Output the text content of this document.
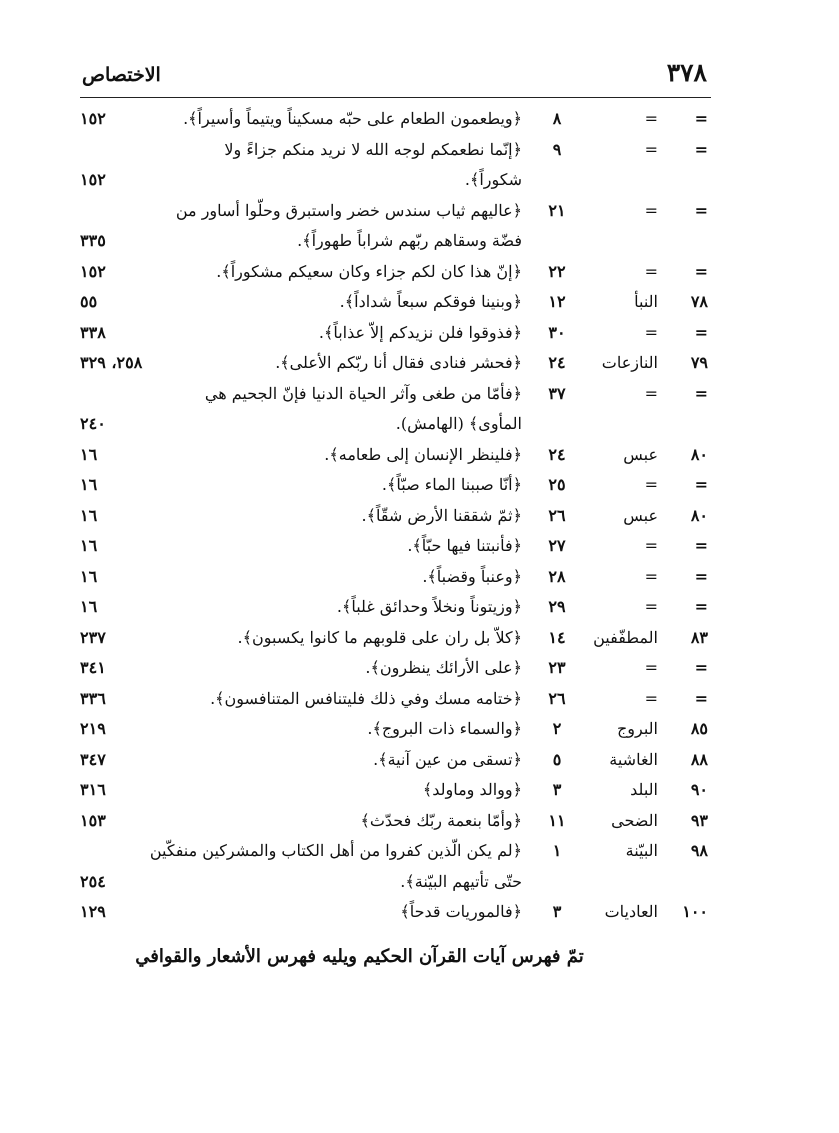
٣٧٨
الاختصاص
=
=
٨
﴿ويطعمون الطعام على حبّه مسكيناً ويتيماً وأسيراً﴾.
١٥٢
=
=
٩
﴿إنّما نطعمكم لوجه الله لا نريد منكم جزاءً ولا
شكوراً﴾.
١٥٢
=
=
٢١
﴿عاليهم ثياب سندس خضر واستبرق وحلّوا أساور من
فضّة وسقاهم ربّهم شراباً طهوراً﴾.
٣٣٥
=
=
٢٢
﴿إنّ هذا كان لكم جزاء وكان سعيكم مشكوراً﴾.
١٥٢
٧٨
النبأ
١٢
﴿وبنينا فوقكم سبعاً شداداً﴾.
٥٥
=
=
٣٠
﴿فذوقوا فلن نزيدكم إلاّ عذاباً﴾.
٣٣٨
٧٩
النازعات
٢٤
﴿فحشر فنادى فقال أنا ربّكم الأعلى﴾.
٢٥٨، ٣٢٩
=
=
٣٧
﴿فأمّا من طغى وآثر الحياة الدنيا فإنّ الجحيم هي
المأوى﴾ (الهامش).
٢٤٠
٨٠
عبس
٢٤
﴿فلينظر الإنسان إلى طعامه﴾.
١٦
=
=
٢٥
﴿أنّا صببنا الماء صبّاً﴾.
١٦
٨٠
عبس
٢٦
﴿ثمّ شققنا الأرض شقّاً﴾.
١٦
=
=
٢٧
﴿فأنبتنا فيها حبّاً﴾.
١٦
=
=
٢٨
﴿وعنباً وقضباً﴾.
١٦
=
=
٢٩
﴿وزيتوناً ونخلاً وحدائق غلباً﴾.
١٦
٨٣
المطفّفين
١٤
﴿كلاّ بل ران على قلوبهم ما كانوا يكسبون﴾.
٢٣٧
=
=
٢٣
﴿على الأرائك ينظرون﴾.
٣٤١
=
=
٢٦
﴿ختامه مسك وفي ذلك فليتنافس المتنافسون﴾.
٣٣٦
٨٥
البروج
٢
﴿والسماء ذات البروج﴾.
٢١٩
٨٨
الغاشية
٥
﴿تسقى من عين آنية﴾.
٣٤٧
٩٠
البلد
٣
﴿ووالد وماولد﴾
٣١٦
٩٣
الضحى
١١
﴿وأمّا بنعمة ربّك فحدّث﴾
١٥٣
٩٨
البيّنة
١
﴿لم يكن الّذين كفروا من أهل الكتاب والمشركين منفكّين
حتّى تأتيهم البيّنة﴾.
٢٥٤
١٠٠
العاديات
٣
﴿فالموريات قدحاً﴾
١٢٩
تمّ فهرس آيات القرآن الحكيم ويليه فهرس الأشعار والقوافي
